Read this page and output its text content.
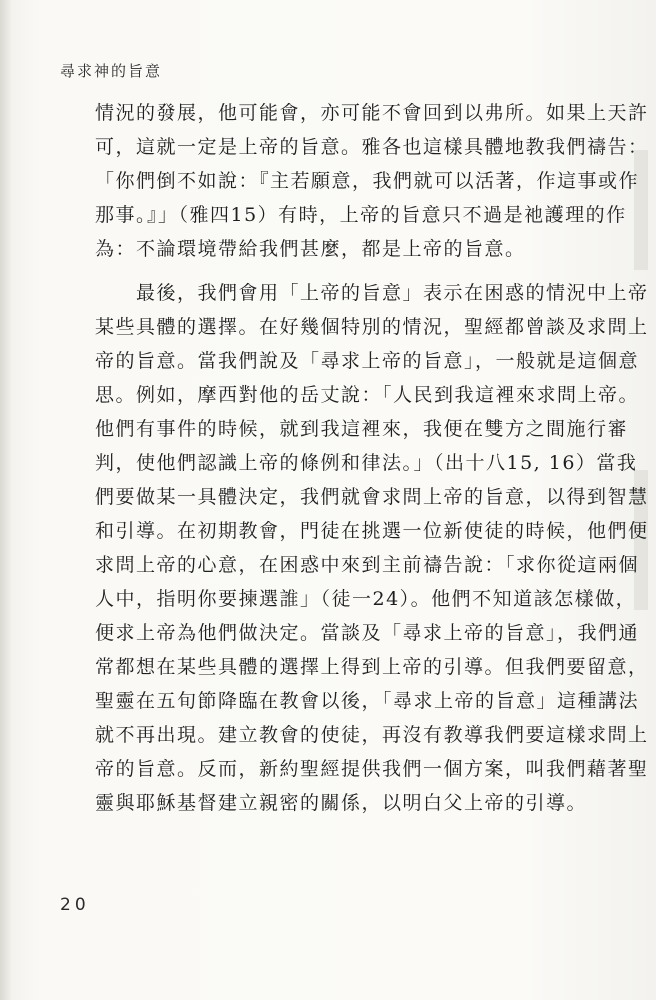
尋求神的旨意
情況的發展，他可能會，亦可能不會回到以弗所。如果上天許
可，這就一定是上帝的旨意。雅各也這樣具體地教我們禱告：
「你們倒不如說：『主若願意，我們就可以活著，作這事或作
那事。』」（雅四15）有時，上帝的旨意只不過是祂護理的作
為：不論環境帶給我們甚麼，都是上帝的旨意。
　　最後，我們會用「上帝的旨意」表示在困惑的情況中上帝
某些具體的選擇。在好幾個特別的情況，聖經都曾談及求問上
帝的旨意。當我們說及「尋求上帝的旨意」，一般就是這個意
思。例如，摩西對他的岳丈說：「人民到我這裡來求問上帝。
他們有事件的時候，就到我這裡來，我便在雙方之間施行審
判，使他們認識上帝的條例和律法。」（出十八15, 16）當我
們要做某一具體決定，我們就會求問上帝的旨意，以得到智慧
和引導。在初期教會，門徒在挑選一位新使徒的時候，他們便
求問上帝的心意，在困惑中來到主前禱告說：「求你從這兩個
人中，指明你要揀選誰」（徒一24）。他們不知道該怎樣做，
便求上帝為他們做決定。當談及「尋求上帝的旨意」，我們通
常都想在某些具體的選擇上得到上帝的引導。但我們要留意，
聖靈在五旬節降臨在教會以後，「尋求上帝的旨意」這種講法
就不再出現。建立教會的使徒，再沒有教導我們要這樣求問上
帝的旨意。反而，新約聖經提供我們一個方案，叫我們藉著聖
靈與耶穌基督建立親密的關係，以明白父上帝的引導。
20
